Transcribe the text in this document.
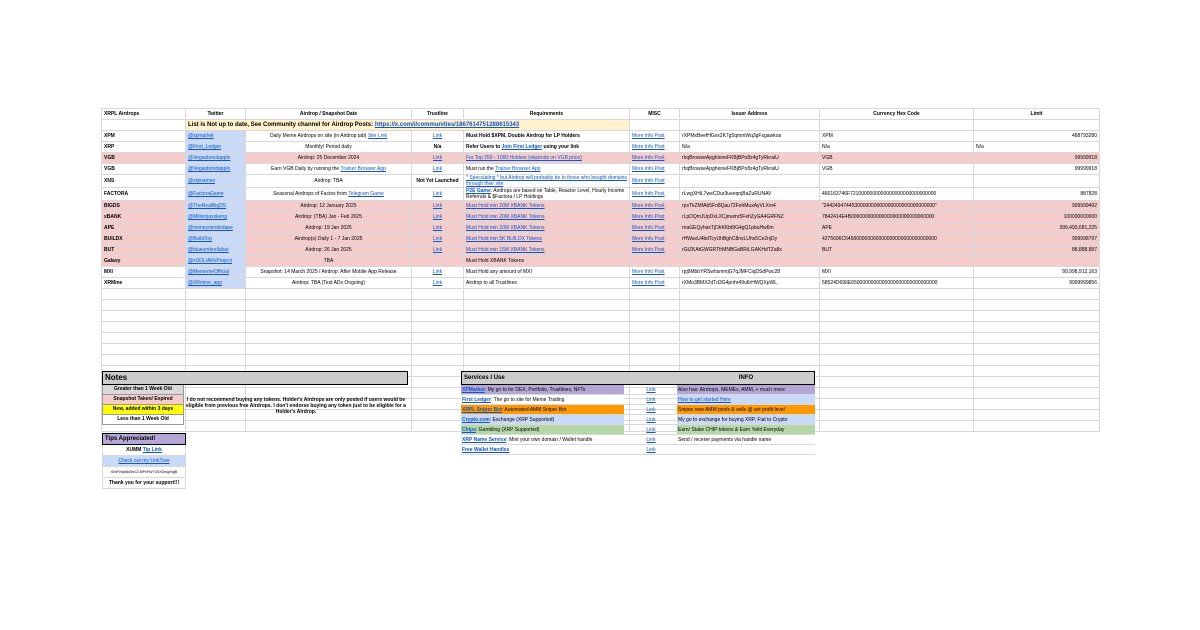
XRPL Airdrops	Twitter	Airdrop / Snapshot Date	Trustline	Requirements	MISC	Issuer Address	Currency Hex Code	Limit
	List is Not up to date, See Community channel for Airdrop Posts: https://x.com/i/communities/1867614751288615343							
XPM	@xpmarket	Daily Meme Airdrops on site (in Airdrop tab) Site Link	Link	Must Hold $XPM, Double Airdrop for LP Holders	More Info Post	rXPMxBeefHGxx2K7g5qmmWq3gFsgawkoa	XPM	488793280
XRP	@First_Ledger	Monthly/ Period daily	N/a	Refer Users to Join First Ledger using your link	More Info Post	N/a	N/a	N/a
VGB	@Vegasbondapplo	Airdrop: 25 December 2024	Link	For Top 250 - 1000 Holders (depends on VGB price)	More Info Post	rhqBrowseApghioneFKBjBPo8z4gTyRkraiU	VGB	99999918
VGB	@Vegasbondapplo	Earn VGB Daily by running the Trainer Browser App	Link	Must run the Trainer Browser App	More Info Post	rhqBrowseApghioneFKBjBPo8z4gTyRkraiU	VGB	99999918
XNS	@xrpnames	Airdrop: TBA	Not Yet Launched	* Speculating * but Airdrop will probably be to those who bought domains through their site	More Info Post			
FACTORA	@FactoraGame	Seasonal Airdrops of Factos from Telegram Game	Link	P2E Game: Airdrops are based on Table, Reactor Level, Hourly Income Referrals & $Factora / LP Holdings	More Info Post	rLwgXHiL7weCDur3ueeqnjBaZuRUNAV	466163746F7210000000000000000000000000000	887828
BIGDS	@TheRealBigDS	Airdrop: 12 January 2025	Link	Must Hold min 20M XBANK Tokens	More Info Post	rpsTkZMfAb5Fn8Qau72FehMuxAyVLXm4	"2442494744530000000000000000000000000000"	999999492
xBANK	@Millionjaxxkeng	Airdrop: (TBA) Jan - Feb 2025	Link	Must Hold min 20M XBANK Tokens	More Info Post	rLpDQmJUpDxLXCjmumr5FehZyGA4GRFNZ	7842414E4B000000000000000000000000000000	100000000000
APE	@moneymindedape	Airdrop: 19 Jan 2025	Link	Must Hold min 20M XBANK Tokens	More Info Post	rnaGEQyhaxTjDhKKbt9G4gQ1pbuHw6m	APE	399,493,681,225
BUILDX	@BuildXrp	Airdrop(s) Daily 1 - 7 Jan 2025	Link	Must Hold min 5K BUILDX Tokens	More Info Post	rHWaxU4bdTcyUhBghC8nxLUhs5Ce2njDy	4275696C645800000000000000000000000000000	999998797
BUT	@blueumbrellabut	Airdrop: 26 Jan 2025	Link	Must Hold min 15M XBANK Tokens	More Info Post	rGtZKAtGWGRTfrMNBGaBRiLGAKHdTZa8x	BUT	88,888,887
Galaxy	@xSOL/ARxProject	TBA		Must Hold XBANK Tokens				
MXI	@MememeOfficial	Snapshot: 14 March 2025 / Airdrop: After Mobile App Release	Link	Must Hold any amount of MXI	More Info Post	rpj9MbbYRSwhsmmjG7qJMFCiqDSdPwc28	MXI	99,998,912,163
XRMine	@XRmine_app	Airdrop: TBA (Test ADs Ongoing)	Link	Airdrop to all Trustlines	More Info Post	rXMo3BMX2dTd3G4pnhr49u6rHWQXpWL	58524D696E6500000000000000000000000000000	9999999856

Notes
Greater than 1 Week Old
Snapshot Taken/ Expired
New, added within 3 days
Less than 1 Week Old
I do not recommend buying any tokens. Holder's Airdrops are only posted if users would be eligible from previous free Airdrops. I don't endorse buying any token just to be eligible for a Holder's Airdrop.
Tips Appreciated!
XUMM Tip Link
Check out my LinkTree
rDnPv5pB6GbrCCMPxFhvTG5XGeqpNgB
Thank you for your support!!!
Services I Use	INFO
XPMarket: My go to for DEX, Portfolio, Trustlines, NFTs	Link	Also has: Airdrops, MEMEs, AMM, + much more
First Ledger: The go to site for Meme Trading	Link	How to get started Here
XRPL Sniper Bot: Automated AMM Sniper Bot	Link	Snipes new AMM pools & sells @ set profit level
Crypto.com: Exchange (XRP Supported)	Link	My go to exchange for buying XRP, Fiat to Crypto
Chips: Gambling (XRP Supported)	Link	Earn/ Stake CHIP tokens & Earn Yeild Everyday
XRP Name Service: Mint your own domain / Wallet handle	Link	Send / receive payments via handle name
Free Wallet Handles	Link
